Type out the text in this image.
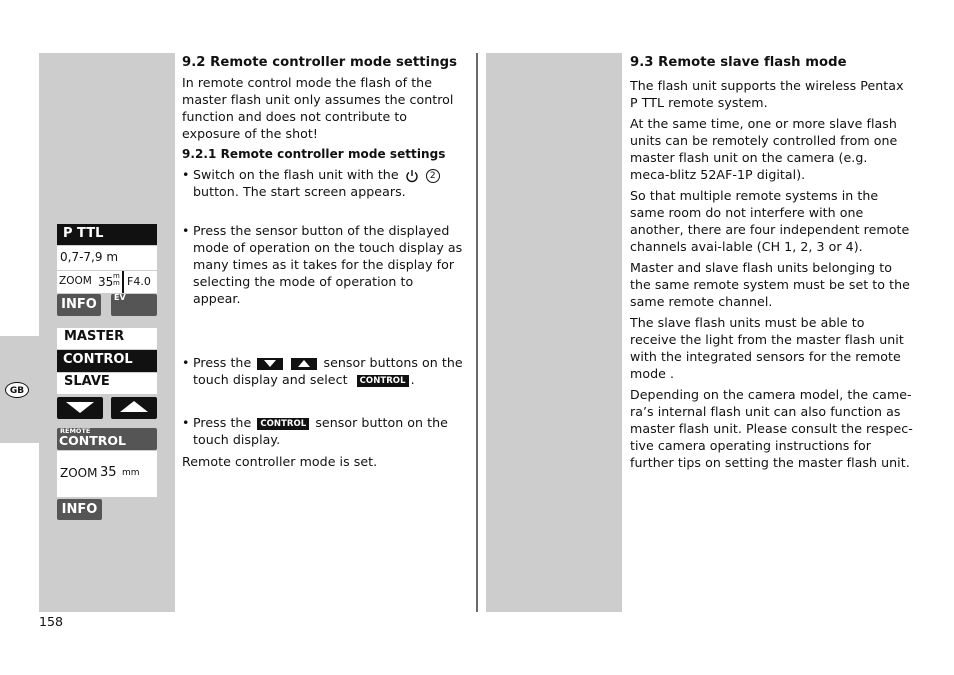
GB
P TTL
0,7-7,9 m
ZOOM 35 mm F4.0
INFO	EV
MASTER
CONTROL
SLAVE
REMOTE
CONTROL
ZOOM 35 mm
INFO

9.2 Remote controller mode settings

In remote control mode the flash of the master flash unit only assumes the control function and does not contribute to exposure of the shot!

9.2.1 Remote controller mode settings

• Switch on the flash unit with the	2
button. The start screen appears.
• Press the sensor button of the displayed mode of operation on the touch display as many times as it takes for the display for selecting the mode of operation to appear.
• Press the
	sensor buttons on the touch display and select CONTROL .
• Press the CONTROL sensor button on the touch display.

Remote controller mode is set.

9.3 Remote slave flash mode

The flash unit supports the wireless Pentax P TTL remote system.

At the same time, one or more slave flash units can be remotely controlled from one master flash unit on the camera (e.g. meca-blitz 52AF-1P digital).

So that multiple remote systems in the same room do not interfere with one another, there are four independent remote channels avai-lable (CH 1, 2, 3 or 4).

Master and slave flash units belonging to the same remote system must be set to the same remote channel.

The slave flash units must be able to receive the light from the master flash unit with the integrated sensors for the remote mode .

Depending on the camera model, the came-ra’s internal flash unit can also function as master flash unit. Please consult the respec-tive camera operating instructions for further tips on setting the master flash unit.

158
